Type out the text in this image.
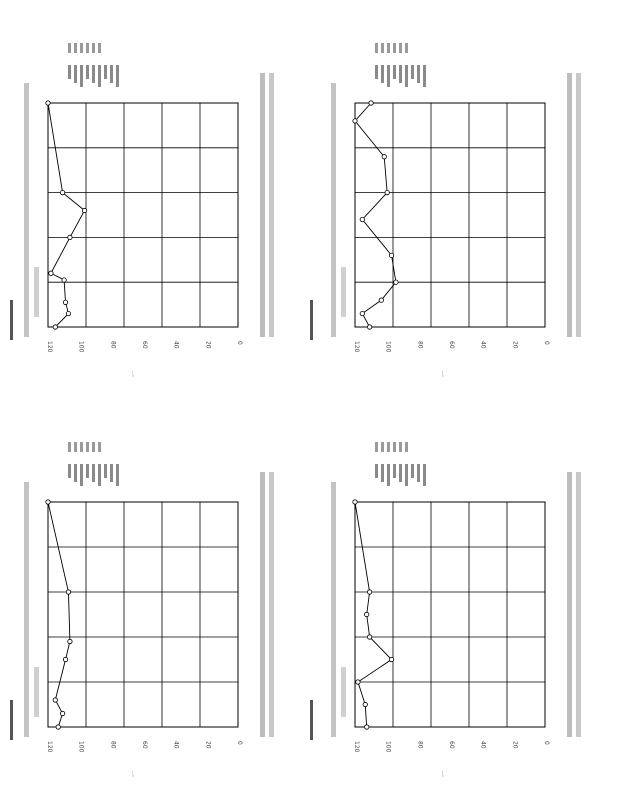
0
20
40
60
80
100
120
0
20
40
60
80
100
120
0
20
40
60
80
100
120
0
20
40
60
80
100
120
一
一
一
一
